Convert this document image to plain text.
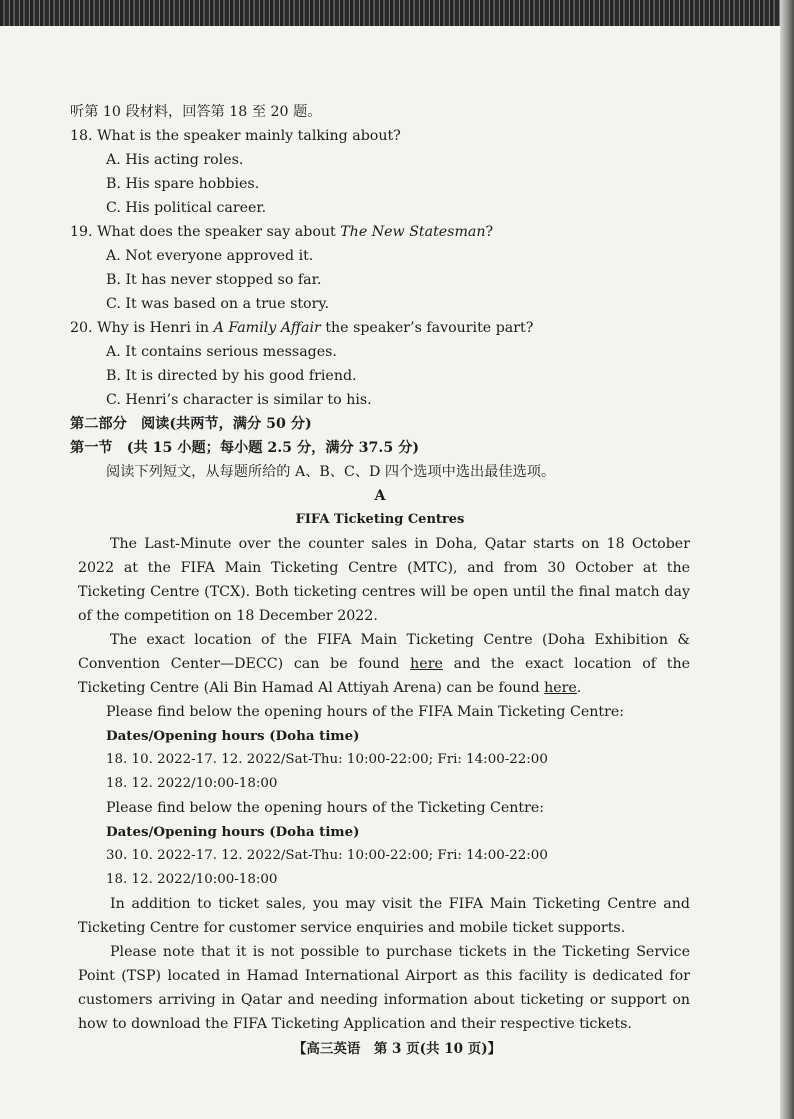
听第 10 段材料，回答第 18 至 20 题。
18. What is the speaker mainly talking about?
A. His acting roles.
B. His spare hobbies.
C. His political career.
19. What does the speaker say about The New Statesman?
A. Not everyone approved it.
B. It has never stopped so far.
C. It was based on a true story.
20. Why is Henri in A Family Affair the speaker’s favourite part?
A. It contains serious messages.
B. It is directed by his good friend.
C. Henri’s character is similar to his.
第二部分　阅读(共两节，满分 50 分)
第一节　(共 15 小题；每小题 2.5 分，满分 37.5 分)
阅读下列短文，从每题所给的 A、B、C、D 四个选项中选出最佳选项。
A
FIFA Ticketing Centres
The Last-Minute over the counter sales in Doha, Qatar starts on 18 October 2022 at the FIFA Main Ticketing Centre (MTC), and from 30 October at the Ticketing Centre (TCX). Both ticketing centres will be open until the final match day of the competition on 18 December 2022.
The exact location of the FIFA Main Ticketing Centre (Doha Exhibition & Convention Center—DECC) can be found here and the exact location of the Ticketing Centre (Ali Bin Hamad Al Attiyah Arena) can be found here.
Please find below the opening hours of the FIFA Main Ticketing Centre:
Dates/Opening hours (Doha time)
18. 10. 2022-17. 12. 2022/Sat-Thu: 10:00-22:00; Fri: 14:00-22:00
18. 12. 2022/10:00-18:00
Please find below the opening hours of the Ticketing Centre:
Dates/Opening hours (Doha time)
30. 10. 2022-17. 12. 2022/Sat-Thu: 10:00-22:00; Fri: 14:00-22:00
18. 12. 2022/10:00-18:00
In addition to ticket sales, you may visit the FIFA Main Ticketing Centre and Ticketing Centre for customer service enquiries and mobile ticket supports.
Please note that it is not possible to purchase tickets in the Ticketing Service Point (TSP) located in Hamad International Airport as this facility is dedicated for customers arriving in Qatar and needing information about ticketing or support on how to download the FIFA Ticketing Application and their respective tickets.
【高三英语　第 3 页(共 10 页)】
